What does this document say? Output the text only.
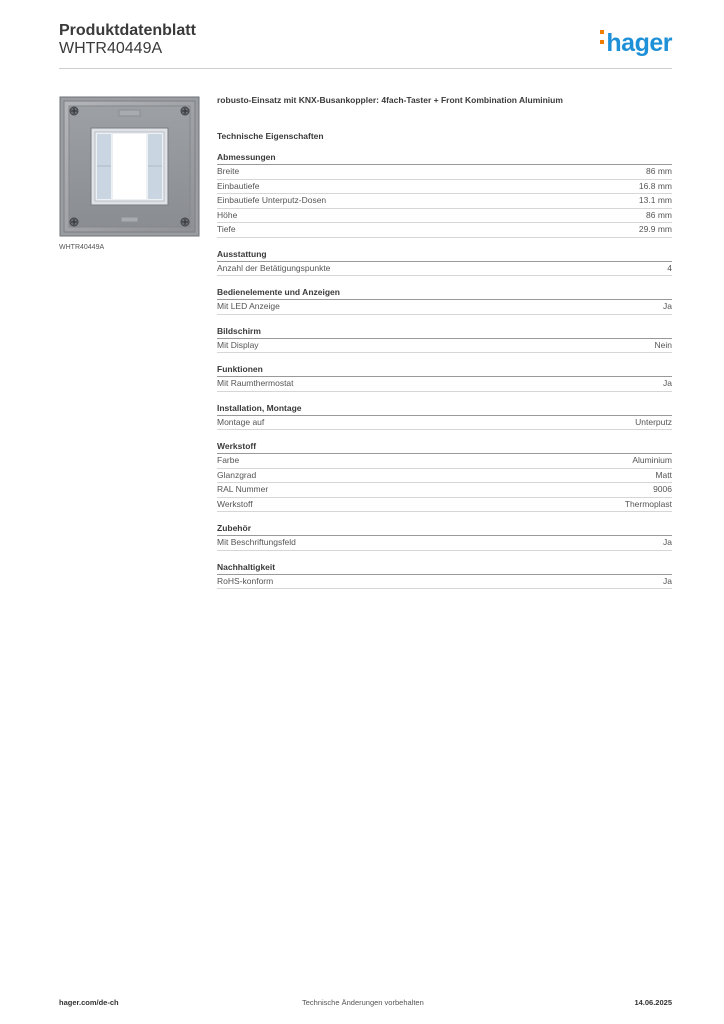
Produktdatenblatt
WHTR40449A	hager
WHTR40449A
robusto-Einsatz mit KNX-Busankoppler: 4fach-Taster + Front Kombination Aluminium
Technische Eigenschaften
Abmessungen
Breite	86 mm
Einbautiefe	16.8 mm
Einbautiefe Unterputz-Dosen	13.1 mm
Höhe	86 mm
Tiefe	29.9 mm
Ausstattung
Anzahl der Betätigungspunkte	4
Bedienelemente und Anzeigen
Mit LED Anzeige	Ja
Bildschirm
Mit Display	Nein
Funktionen
Mit Raumthermostat	Ja
Installation, Montage
Montage auf	Unterputz
Werkstoff
Farbe	Aluminium
Glanzgrad	Matt
RAL Nummer	9006
Werkstoff	Thermoplast
Zubehör
Mit Beschriftungsfeld	Ja
Nachhaltigkeit
RoHS-konform	Ja
hager.com/de-ch	Technische Änderungen vorbehalten	14.06.2025
